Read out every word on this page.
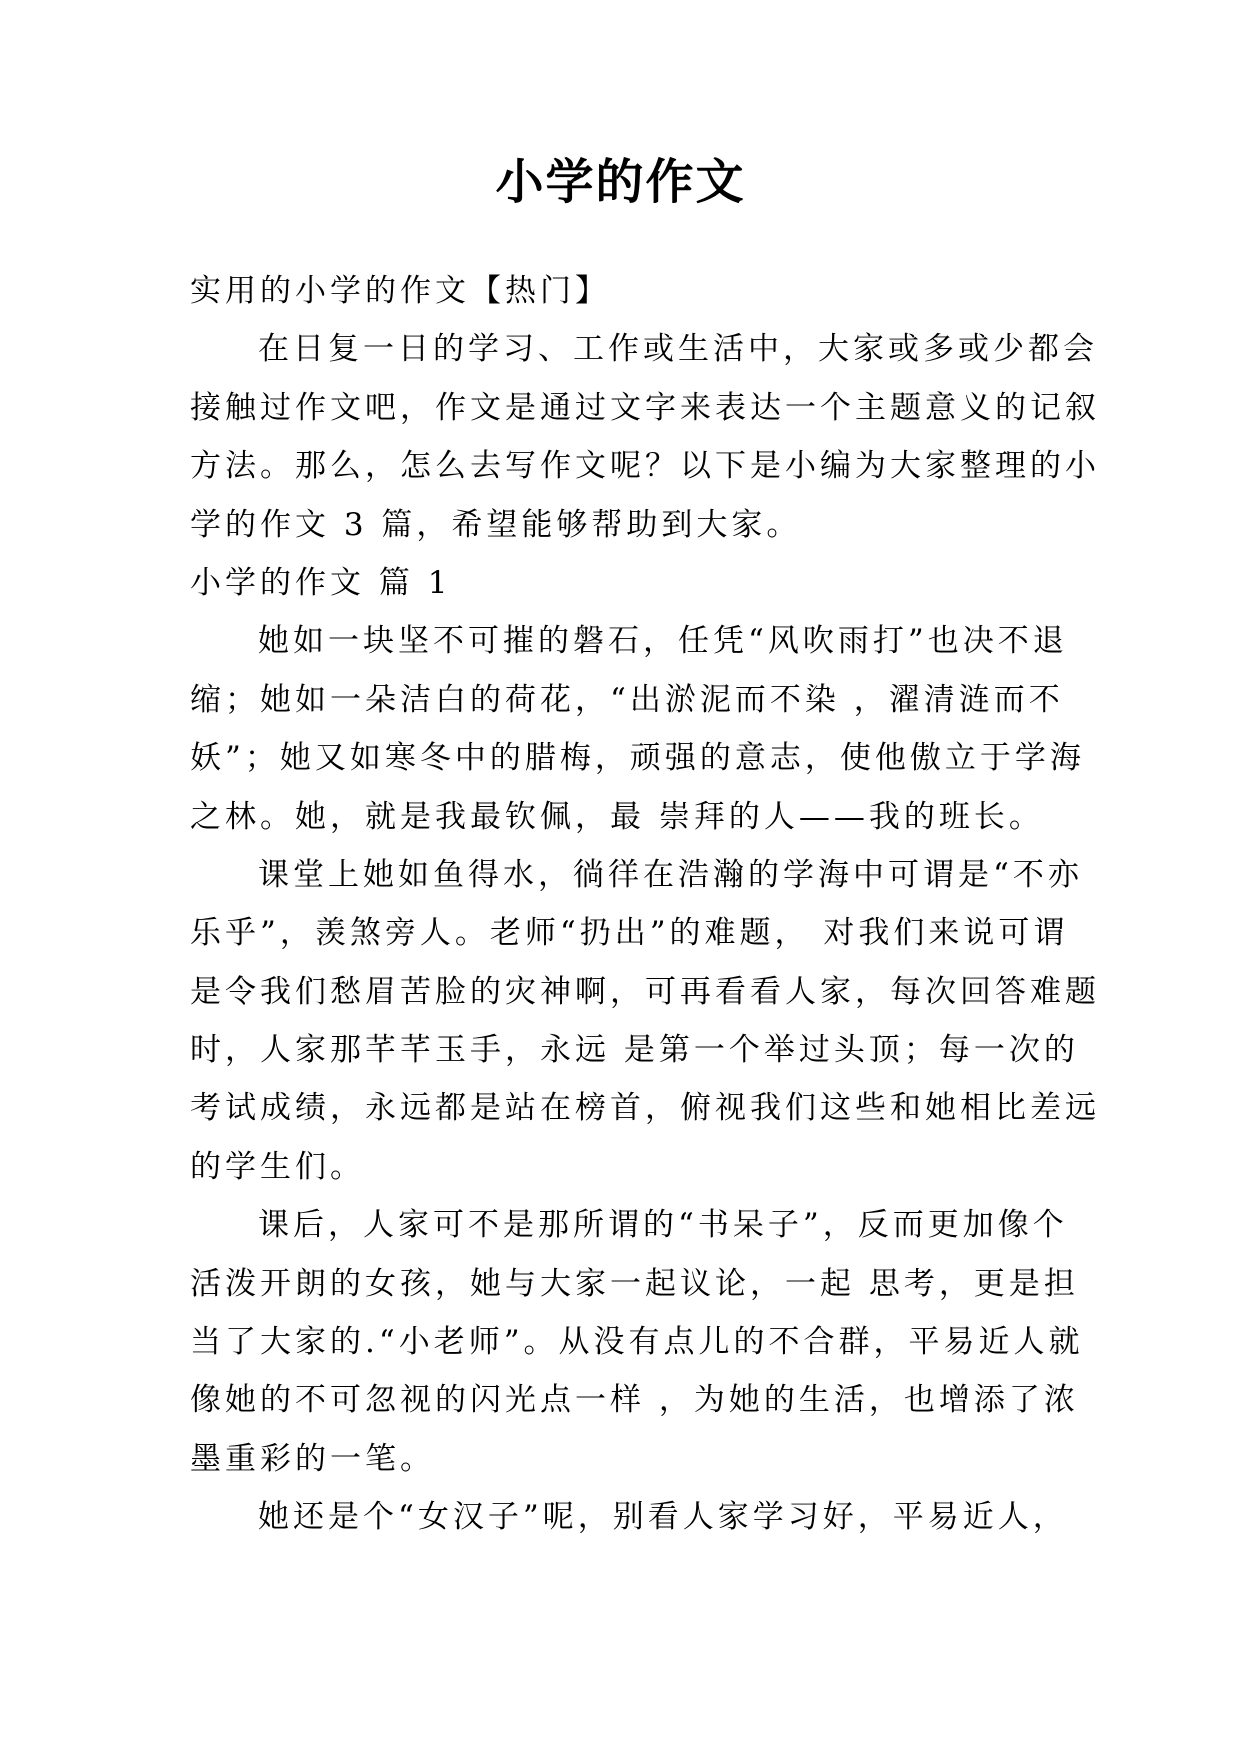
小学的作文
实用的小学的作文【热门】
在日复一日的学习、工作或生活中，大家或多或少都会
接触过作文吧，作文是通过文字来表达一个主题意义的记叙
方法。那么，怎么去写作文呢？以下是小编为大家整理的小
学的作文 3 篇，希望能够帮助到大家。
小学的作文 篇 1
她如一块坚不可摧的磐石，任凭“风吹雨打”也决不退
缩；她如一朵洁白的荷花，“出淤泥而不染 ，濯清涟而不
妖”；她又如寒冬中的腊梅，顽强的意志，使他傲立于学海
之林。她，就是我最钦佩，最 崇拜的人——我的班长。
课堂上她如鱼得水，徜徉在浩瀚的学海中可谓是“不亦
乐乎”，羡煞旁人。老师“扔出”的难题， 对我们来说可谓
是令我们愁眉苦脸的灾神啊，可再看看人家，每次回答难题
时，人家那芊芊玉手，永远 是第一个举过头顶；每一次的
考试成绩，永远都是站在榜首，俯视我们这些和她相比差远
的学生们。
课后，人家可不是那所谓的“书呆子”，反而更加像个
活泼开朗的女孩，她与大家一起议论，一起 思考，更是担
当了大家的.“小老师”。从没有点儿的不合群，平易近人就
像她的不可忽视的闪光点一样 ，为她的生活，也增添了浓
墨重彩的一笔。
她还是个“女汉子”呢，别看人家学习好，平易近人，
